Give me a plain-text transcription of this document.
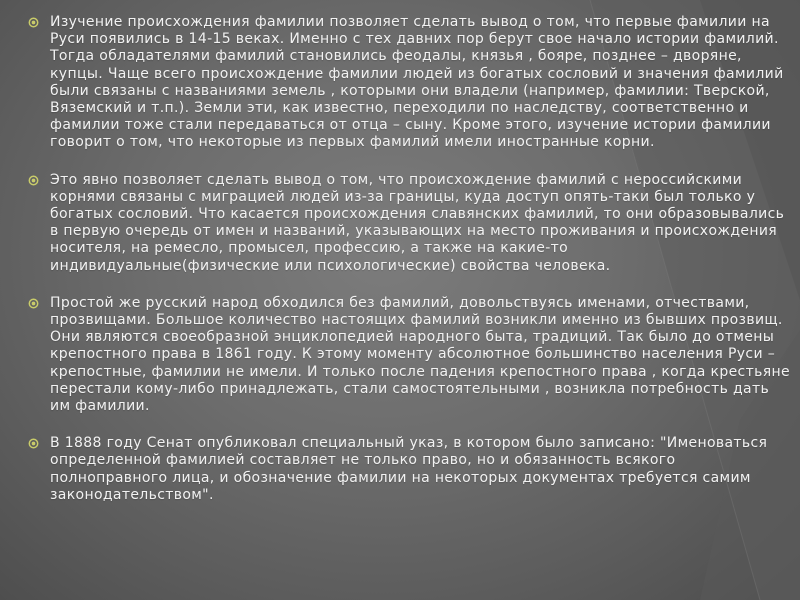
Изучение происхождения фамилии позволяет сделать вывод о том, что первые фамилии на Руси появились в 14-15 веках. Именно с тех давних пор берут свое начало истории фамилий. Тогда обладателями фамилий становились феодалы, князья , бояре, позднее – дворяне, купцы. Чаще всего происхождение фамилии людей из богатых сословий и значения фамилий были связаны с названиями земель , которыми они владели (например, фамилии: Тверской, Вяземский и т.п.). Земли эти, как известно, переходили по наследству, соответственно и фамилии тоже стали передаваться от отца – сыну. Кроме этого, изучение истории фамилии говорит о том, что некоторые из первых фамилий имели иностранные корни.
Это явно позволяет сделать вывод о том, что происхождение фамилий с нероссийскими корнями связаны с миграцией людей из-за границы, куда доступ опять-таки был только у богатых сословий. Что касается происхождения славянских фамилий, то они образовывались в первую очередь от имен и названий, указывающих на место проживания и происхождения носителя, на ремесло, промысел, профессию, а также на какие-то индивидуальные(физические или психологические) свойства человека.
Простой же русский народ обходился без фамилий, довольствуясь именами, отчествами, прозвищами. Большое количество настоящих фамилий возникли именно из бывших прозвищ. Они являются своеобразной энциклопедией народного быта, традиций. Так было до отмены крепостного права в 1861 году. К этому моменту абсолютное большинство населения Руси – крепостные, фамилии не имели. И только после падения крепостного права , когда крестьяне перестали кому-либо принадлежать, стали самостоятельными , возникла потребность дать им фамилии.
В 1888 году Сенат опубликовал специальный указ, в котором было записано: "Именоваться определенной фамилией составляет не только право, но и обязанность всякого полноправного лица, и обозначение фамилии на некоторых документах требуется самим законодательством".
